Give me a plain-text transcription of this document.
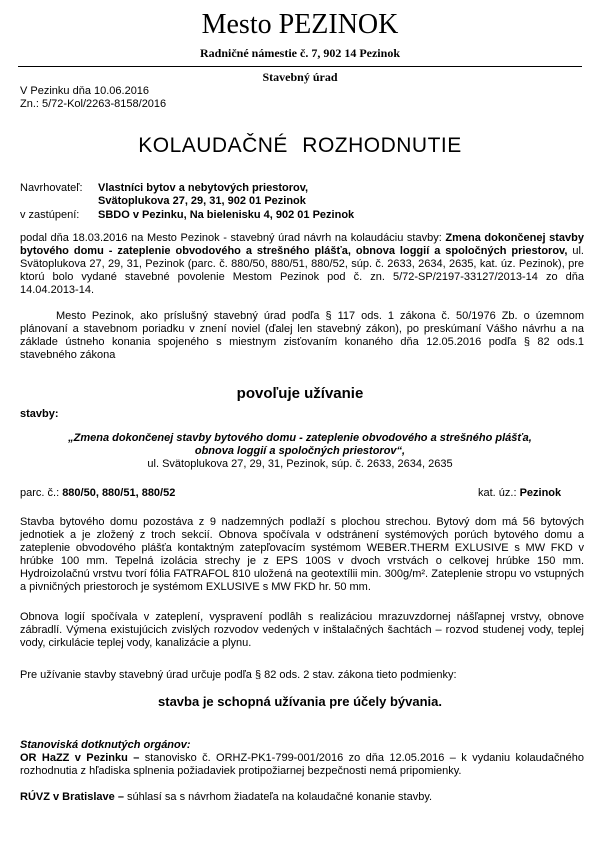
Mesto PEZINOK
Radničné námestie č. 7, 902 14 Pezinok
Stavebný úrad
V Pezinku dňa 10.06.2016
Zn.: 5/72-Kol/2263-8158/2016
KOLAUDAČNÉ ROZHODNUTIE
Navrhovateľ:	Vlastníci bytov a nebytových priestorov,
Svätoplukova 27, 29, 31, 902 01 Pezinok
v zastúpení:	SBDO v Pezinku, Na bielenisku 4, 902 01 Pezinok
podal dňa 18.03.2016 na Mesto Pezinok - stavebný úrad návrh na kolaudáciu stavby: Zmena dokončenej stavby bytového domu - zateplenie obvodového a strešného plášťa, obnova loggií a spoločných priestorov, ul. Svätoplukova 27, 29, 31, Pezinok (parc. č. 880/50, 880/51, 880/52, súp. č. 2633, 2634, 2635, kat. úz. Pezinok), pre ktorú bolo vydané stavebné povolenie Mestom Pezinok pod č. zn. 5/72-SP/2197-33127/2013-14 zo dňa 14.04.2013-14.
Mesto Pezinok, ako príslušný stavebný úrad podľa § 117 ods. 1 zákona č. 50/1976 Zb. o územnom plánovaní a stavebnom poriadku v znení noviel (ďalej len stavebný zákon), po preskúmaní Vášho návrhu a na základe ústneho konania spojeného s miestnym zisťovaním konaného dňa 12.05.2016 podľa § 82 ods.1 stavebného zákona
povoľuje užívanie
stavby:
„Zmena dokončenej stavby bytového domu - zateplenie obvodového a strešného plášťa,
obnova loggií a spoločných priestorov“,
ul. Svätoplukova 27, 29, 31, Pezinok, súp. č. 2633, 2634, 2635
parc. č.: 880/50, 880/51, 880/52	kat. úz.: Pezinok
Stavba bytového domu pozostáva z 9 nadzemných podlaží s plochou strechou. Bytový dom má 56 bytových jednotiek a je zložený z troch sekcií. Obnova spočívala v odstránení systémových porúch bytového domu a zateplenie obvodového plášťa kontaktným zatepľovacím systémom WEBER.THERM EXLUSIVE s MW FKD v hrúbke 100 mm. Tepelná izolácia strechy je z EPS 100S v dvoch vrstvách o celkovej hrúbke 150 mm. Hydroizolačnú vrstvu tvorí fólia FATRAFOL 810 uložená na geotextílii min. 300g/m². Zateplenie stropu vo vstupných a pivničných priestoroch je systémom EXLUSIVE s MW FKD hr. 50 mm.
Obnova logií spočívala v zateplení, vyspravení podlâh s realizáciou mrazuvzdornej nášľapnej vrstvy, obnove zábradlí. Výmena existujúcich zvislých rozvodov vedených v inštalačných šachtách – rozvod studenej vody, teplej vody, cirkulácie teplej vody, kanalizácie a plynu.
Pre užívanie stavby stavebný úrad určuje podľa § 82 ods. 2 stav. zákona tieto podmienky:
stavba je schopná užívania pre účely bývania.
Stanoviská dotknutých orgánov:
OR HaZZ v Pezinku – stanovisko č. ORHZ-PK1-799-001/2016 zo dňa 12.05.2016 – k vydaniu kolaudačného rozhodnutia z hľadiska splnenia požiadaviek protipožiarnej bezpečnosti nemá pripomienky.
RÚVZ v Bratislave – súhlasí sa s návrhom žiadateľa na kolaudačné konanie stavby.
